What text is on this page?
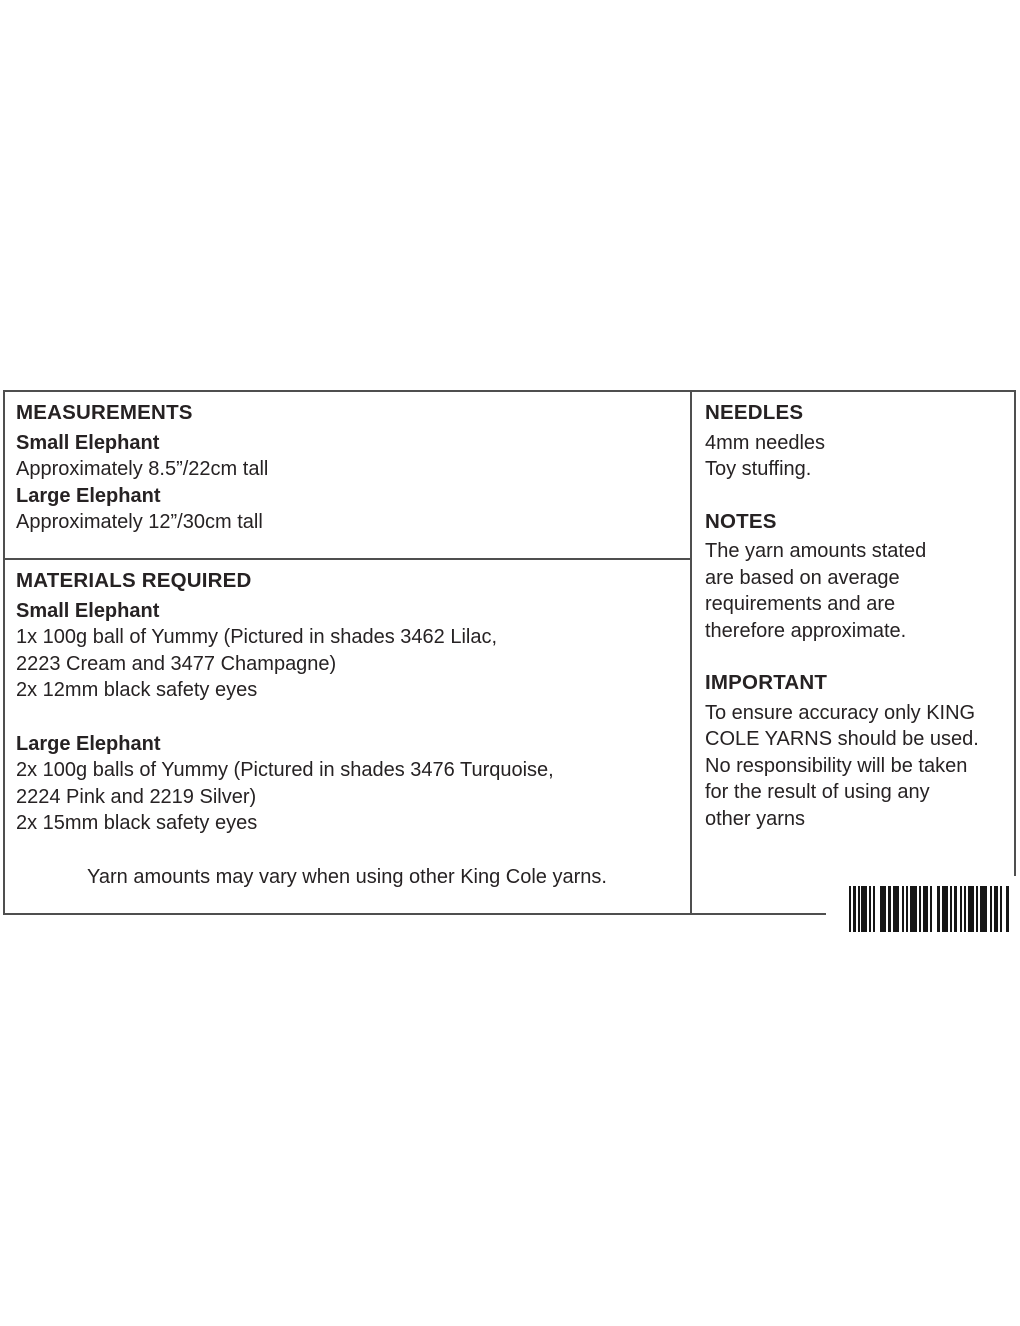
MEASUREMENTS
Small Elephant
Approximately 8.5”/22cm tall
Large Elephant
Approximately 12”/30cm tall
MATERIALS REQUIRED
Small Elephant
1x 100g ball of Yummy (Pictured in shades 3462 Lilac,
2223 Cream and 3477 Champagne)
2x 12mm black safety eyes
Large Elephant
2x 100g balls of Yummy (Pictured in shades 3476 Turquoise,
2224 Pink and 2219 Silver)
2x 15mm black safety eyes
Yarn amounts may vary when using other King Cole yarns.
NEEDLES
4mm needles
Toy stuffing.
NOTES
The yarn amounts stated
are based on average
requirements and are
therefore approximate.
IMPORTANT
To ensure accuracy only KING
COLE YARNS should be used.
No responsibility will be taken
for the result of using any
other yarns
